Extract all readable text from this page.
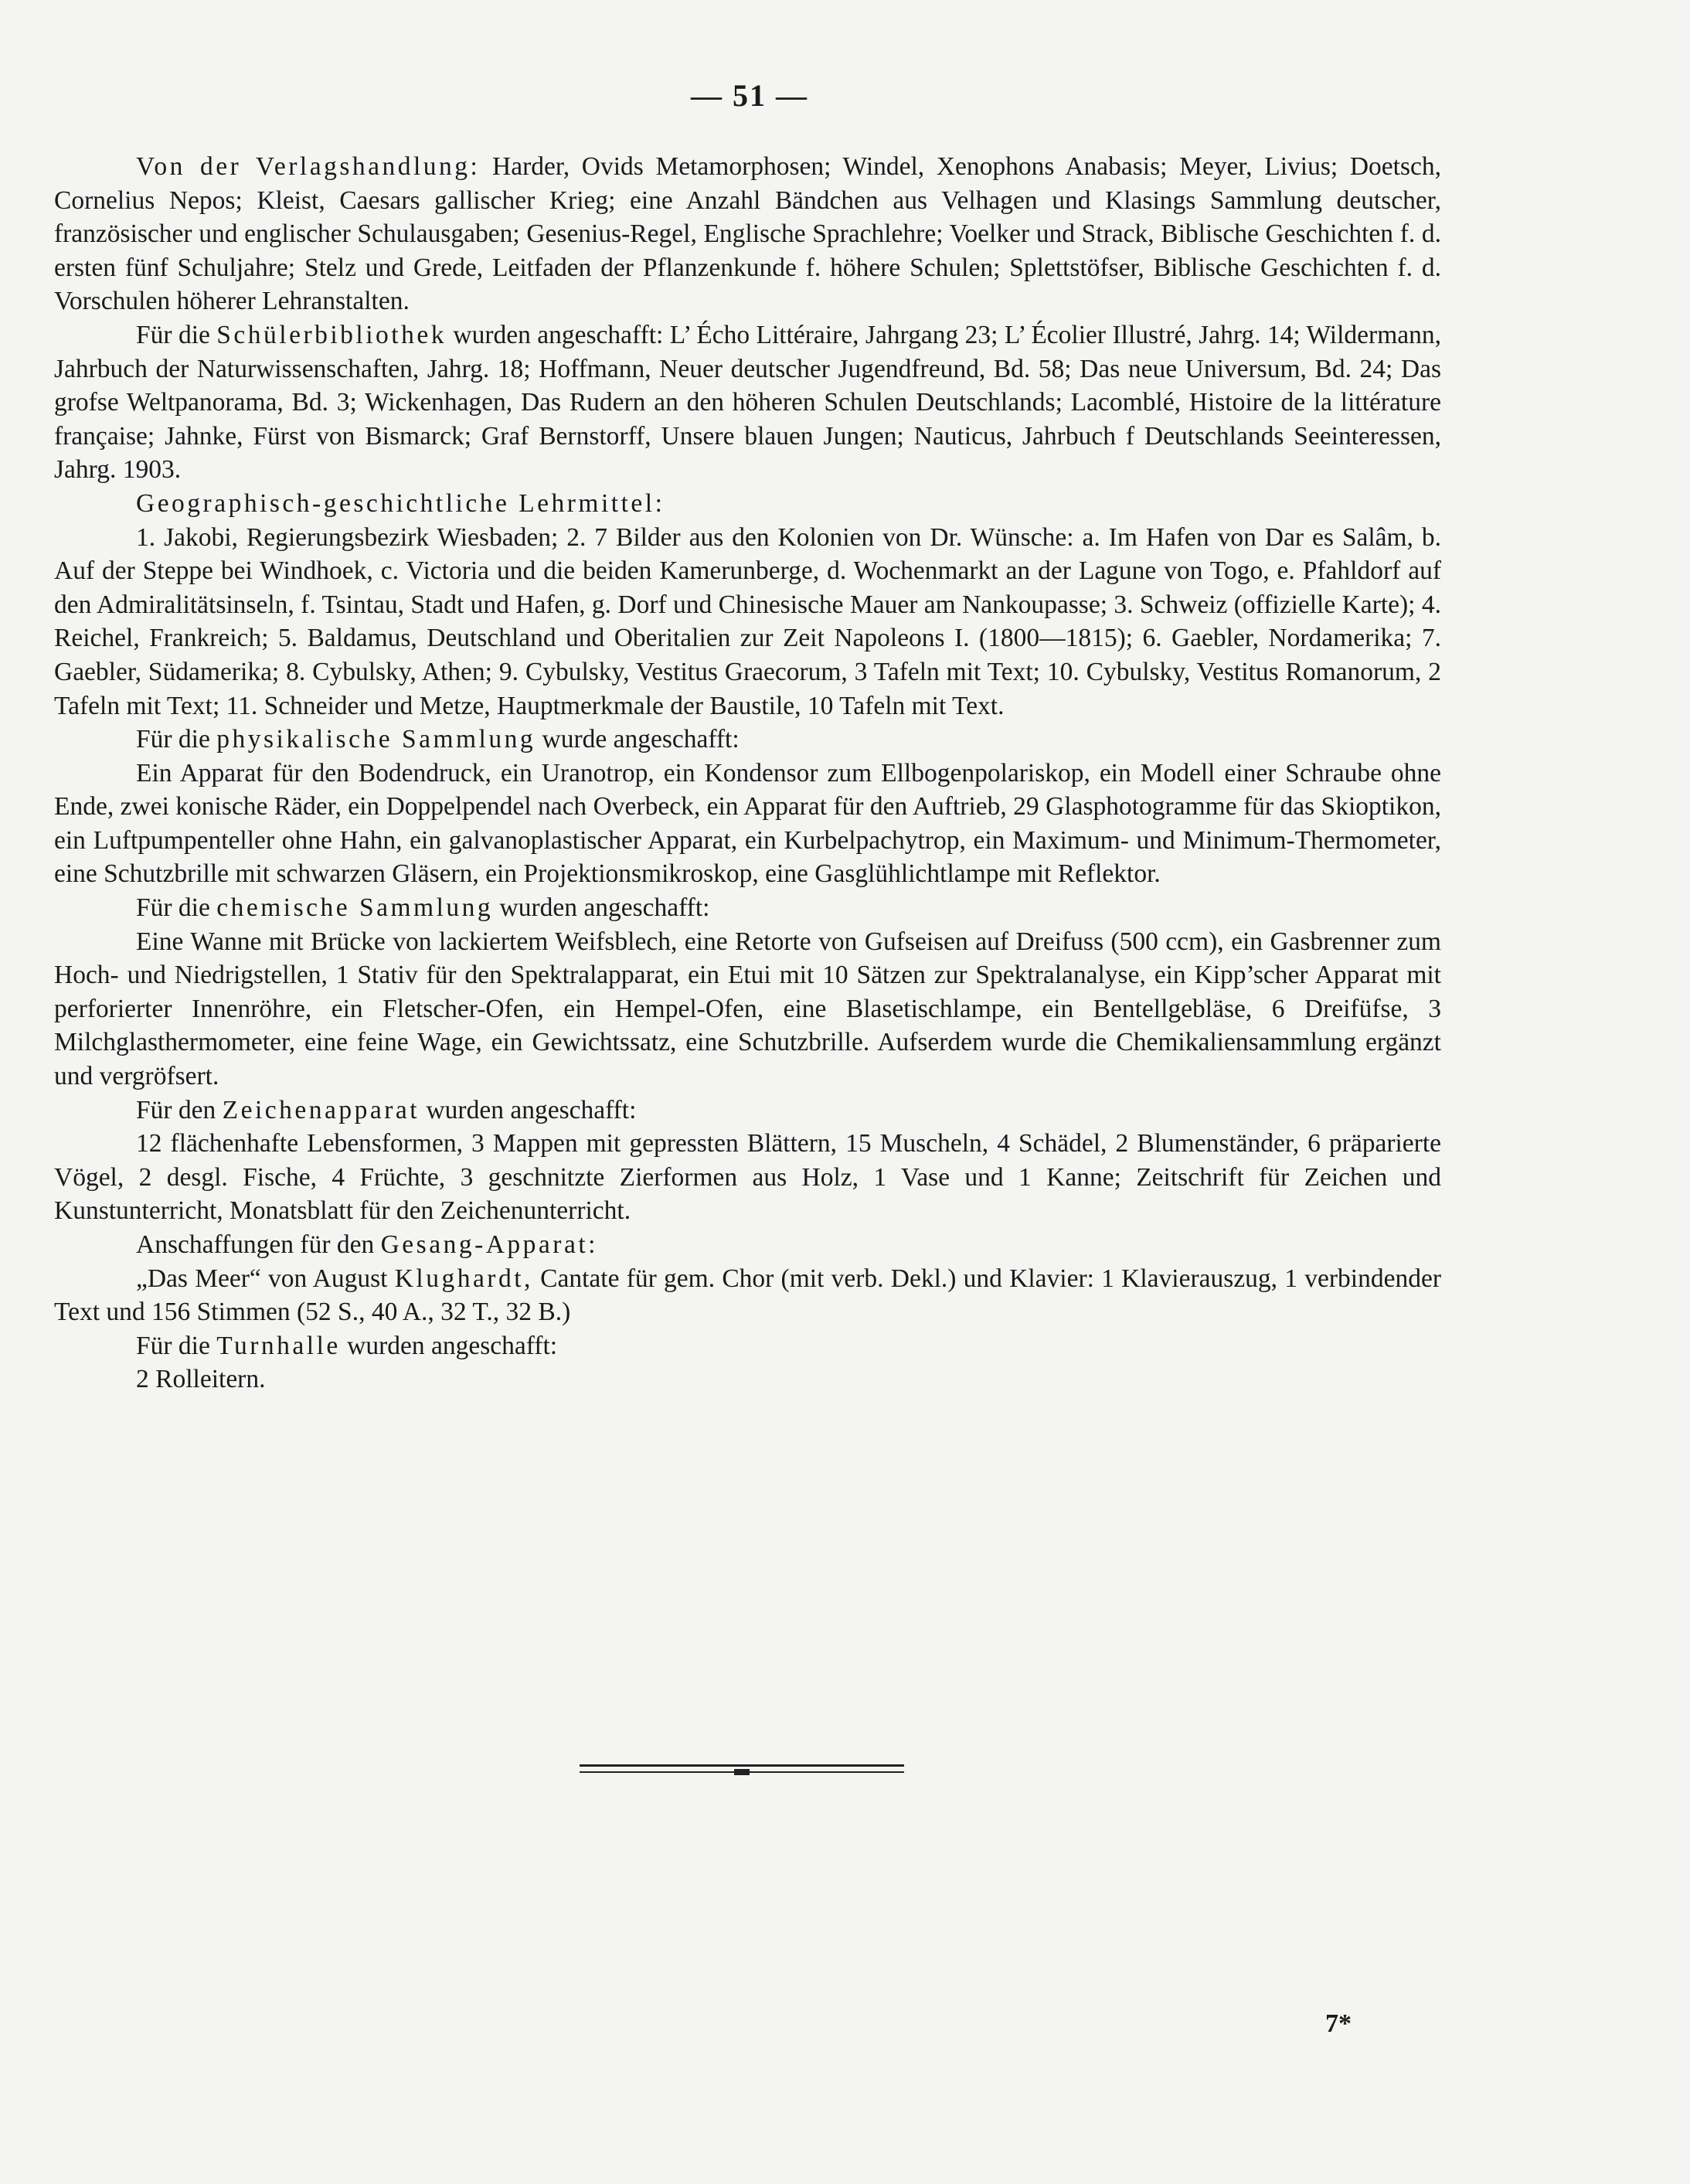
— 51 —

Von der Verlagshandlung: Harder, Ovids Metamorphosen; Windel, Xenophons Anabasis; Meyer, Livius; Doetsch, Cornelius Nepos; Kleist, Caesars gallischer Krieg; eine Anzahl Bändchen aus Velhagen und Klasings Sammlung deutscher, französischer und englischer Schulausgaben; Gesenius-Regel, Englische Sprachlehre; Voelker und Strack, Biblische Geschichten f. d. ersten fünf Schuljahre; Stelz und Grede, Leitfaden der Pflanzenkunde f. höhere Schulen; Splettstöfser, Biblische Geschichten f. d. Vorschulen höherer Lehranstalten.

Für die Schülerbibliothek wurden angeschafft: L’ Écho Littéraire, Jahrgang 23; L’ Écolier Illustré, Jahrg. 14; Wildermann, Jahrbuch der Naturwissenschaften, Jahrg. 18; Hoffmann, Neuer deutscher Jugendfreund, Bd. 58; Das neue Universum, Bd. 24; Das grofse Weltpanorama, Bd. 3; Wickenhagen, Das Rudern an den höheren Schulen Deutschlands; Lacomblé, Histoire de la littérature française; Jahnke, Fürst von Bismarck; Graf Bernstorff, Unsere blauen Jungen; Nauticus, Jahrbuch f Deutschlands Seeinteressen, Jahrg. 1903.

Geographisch-geschichtliche Lehrmittel:

1. Jakobi, Regierungsbezirk Wiesbaden; 2. 7 Bilder aus den Kolonien von Dr. Wünsche: a. Im Hafen von Dar es Salâm, b. Auf der Steppe bei Windhoek, c. Victoria und die beiden Kamerunberge, d. Wochenmarkt an der Lagune von Togo, e. Pfahldorf auf den Admiralitätsinseln, f. Tsintau, Stadt und Hafen, g. Dorf und Chinesische Mauer am Nankoupasse; 3. Schweiz (offizielle Karte); 4. Reichel, Frankreich; 5. Baldamus, Deutschland und Oberitalien zur Zeit Napoleons I. (1800—1815); 6. Gaebler, Nordamerika; 7. Gaebler, Südamerika; 8. Cybulsky, Athen; 9. Cybulsky, Vestitus Graecorum, 3 Tafeln mit Text; 10. Cybulsky, Vestitus Romanorum, 2 Tafeln mit Text; 11. Schneider und Metze, Hauptmerkmale der Baustile, 10 Tafeln mit Text.

Für die physikalische Sammlung wurde angeschafft:

Ein Apparat für den Bodendruck, ein Uranotrop, ein Kondensor zum Ellbogenpolariskop, ein Modell einer Schraube ohne Ende, zwei konische Räder, ein Doppelpendel nach Overbeck, ein Apparat für den Auftrieb, 29 Glasphotogramme für das Skioptikon, ein Luftpumpenteller ohne Hahn, ein galvanoplastischer Apparat, ein Kurbelpachytrop, ein Maximum- und Minimum-Thermometer, eine Schutzbrille mit schwarzen Gläsern, ein Projektionsmikroskop, eine Gasglühlichtlampe mit Reflektor.

Für die chemische Sammlung wurden angeschafft:

Eine Wanne mit Brücke von lackiertem Weifsblech, eine Retorte von Gufseisen auf Dreifuss (500 ccm), ein Gasbrenner zum Hoch- und Niedrigstellen, 1 Stativ für den Spektralapparat, ein Etui mit 10 Sätzen zur Spektralanalyse, ein Kipp’scher Apparat mit perforierter Innenröhre, ein Fletscher-Ofen, ein Hempel-Ofen, eine Blasetischlampe, ein Bentellgebläse, 6 Dreifüfse, 3 Milchglasthermometer, eine feine Wage, ein Gewichtssatz, eine Schutzbrille. Aufserdem wurde die Chemikaliensammlung ergänzt und vergröfsert.

Für den Zeichenapparat wurden angeschafft:

12 flächenhafte Lebensformen, 3 Mappen mit gepressten Blättern, 15 Muscheln, 4 Schädel, 2 Blumenständer, 6 präparierte Vögel, 2 desgl. Fische, 4 Früchte, 3 geschnitzte Zierformen aus Holz, 1 Vase und 1 Kanne; Zeitschrift für Zeichen und Kunstunterricht, Monatsblatt für den Zeichenunterricht.

Anschaffungen für den Gesang-Apparat:

„Das Meer“ von August Klughardt, Cantate für gem. Chor (mit verb. Dekl.) und Klavier: 1 Klavierauszug, 1 verbindender Text und 156 Stimmen (52 S., 40 A., 32 T., 32 B.)

Für die Turnhalle wurden angeschafft:

2 Rolleitern.

7*
